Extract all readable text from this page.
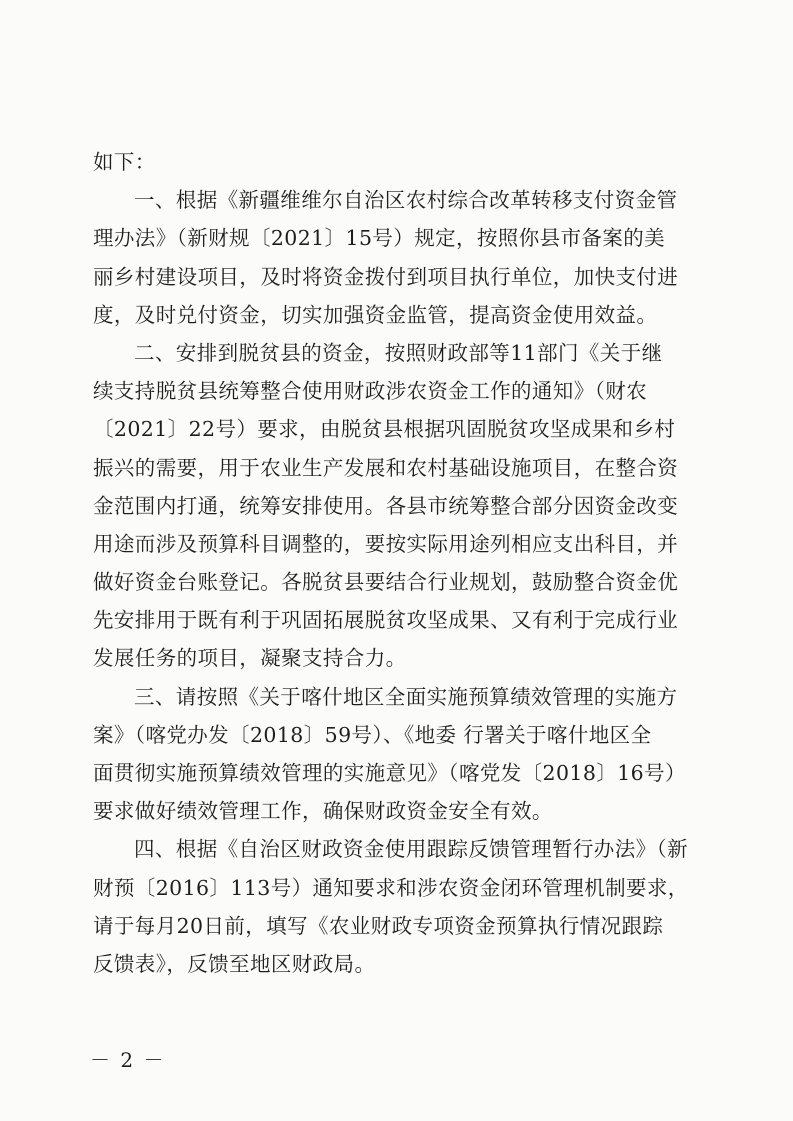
如下：
一、根据《新疆维维尔自治区农村综合改革转移支付资金管
理办法》（新财规〔2021〕15号）规定，按照你县市备案的美
丽乡村建设项目，及时将资金拨付到项目执行单位，加快支付进
度，及时兑付资金，切实加强资金监管，提高资金使用效益。
二、安排到脱贫县的资金，按照财政部等11部门《关于继
续支持脱贫县统筹整合使用财政涉农资金工作的通知》（财农
〔2021〕22号）要求，由脱贫县根据巩固脱贫攻坚成果和乡村
振兴的需要，用于农业生产发展和农村基础设施项目，在整合资
金范围内打通，统筹安排使用。各县市统筹整合部分因资金改变
用途而涉及预算科目调整的，要按实际用途列相应支出科目，并
做好资金台账登记。各脱贫县要结合行业规划，鼓励整合资金优
先安排用于既有利于巩固拓展脱贫攻坚成果、又有利于完成行业
发展任务的项目，凝聚支持合力。
三、请按照《关于喀什地区全面实施预算绩效管理的实施方
案》（喀党办发〔2018〕59号）、《地委 行署关于喀什地区全
面贯彻实施预算绩效管理的实施意见》（喀党发〔2018〕16号）
要求做好绩效管理工作，确保财政资金安全有效。
四、根据《自治区财政资金使用跟踪反馈管理暂行办法》（新
财预〔2016〕113号）通知要求和涉农资金闭环管理机制要求，
请于每月20日前，填写《农业财政专项资金预算执行情况跟踪
反馈表》，反馈至地区财政局。
－ 2 －
